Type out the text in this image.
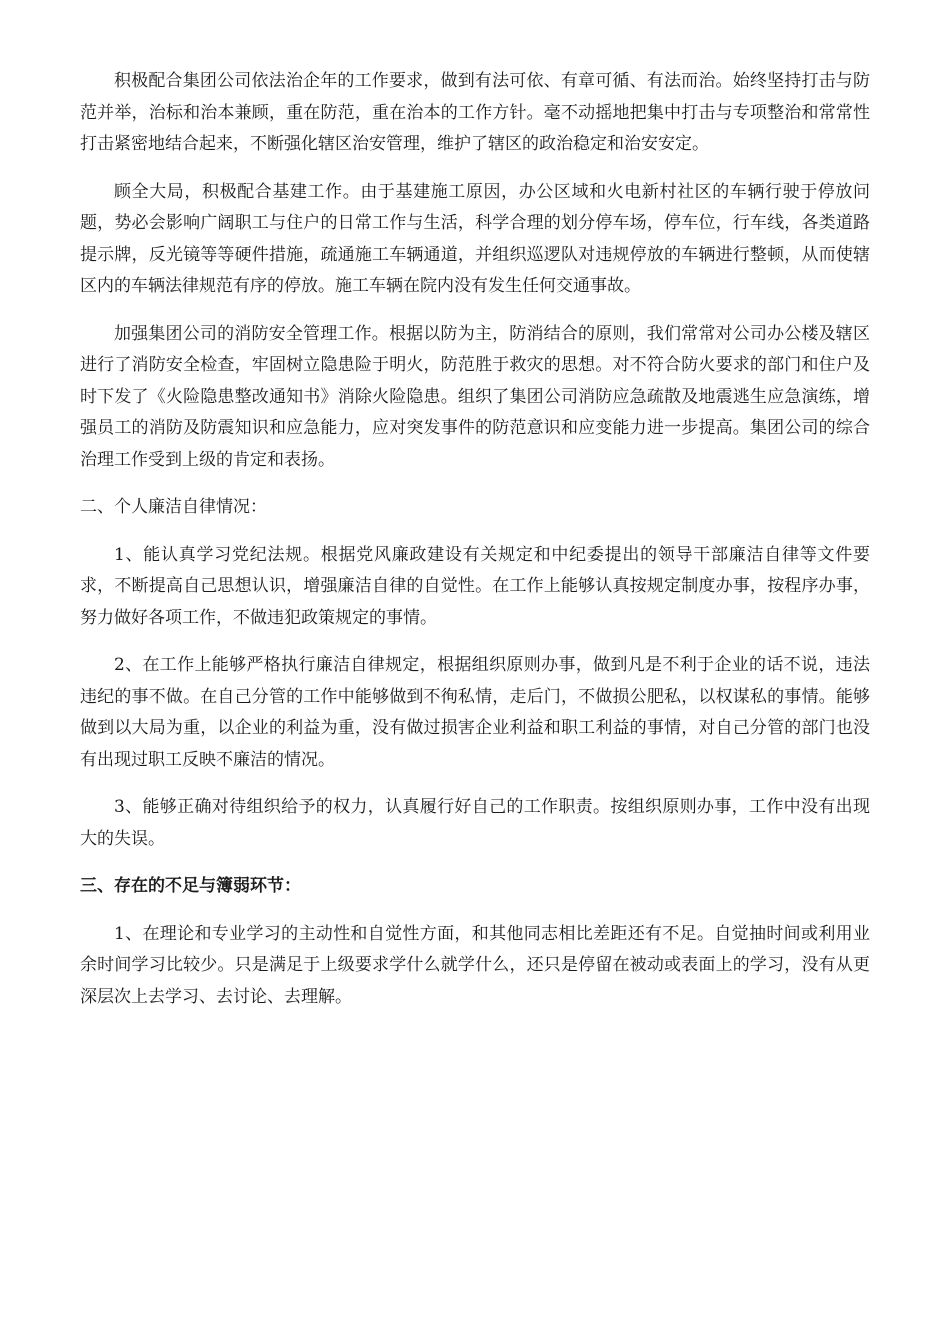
积极配合集团公司依法治企年的工作要求，做到有法可依、有章可循、有法而治。始终坚持打击与防范并举，治标和治本兼顾，重在防范，重在治本的工作方针。毫不动摇地把集中打击与专项整治和常常性打击紧密地结合起来，不断强化辖区治安管理，维护了辖区的政治稳定和治安安定。

顾全大局，积极配合基建工作。由于基建施工原因，办公区域和火电新村社区的车辆行驶于停放问题，势必会影响广阔职工与住户的日常工作与生活，科学合理的划分停车场，停车位，行车线，各类道路提示牌，反光镜等等硬件措施，疏通施工车辆通道，并组织巡逻队对违规停放的车辆进行整顿，从而使辖区内的车辆法律规范有序的停放。施工车辆在院内没有发生任何交通事故。

加强集团公司的消防安全管理工作。根据以防为主，防消结合的原则，我们常常对公司办公楼及辖区进行了消防安全检查，牢固树立隐患险于明火，防范胜于救灾的思想。对不符合防火要求的部门和住户及时下发了《火险隐患整改通知书》消除火险隐患。组织了集团公司消防应急疏散及地震逃生应急演练，增强员工的消防及防震知识和应急能力，应对突发事件的防范意识和应变能力进一步提高。集团公司的综合治理工作受到上级的肯定和表扬。

二、个人廉洁自律情况：

1、能认真学习党纪法规。根据党风廉政建设有关规定和中纪委提出的领导干部廉洁自律等文件要求，不断提高自己思想认识，增强廉洁自律的自觉性。在工作上能够认真按规定制度办事，按程序办事，努力做好各项工作，不做违犯政策规定的事情。

2、在工作上能够严格执行廉洁自律规定，根据组织原则办事，做到凡是不利于企业的话不说，违法违纪的事不做。在自己分管的工作中能够做到不徇私情，走后门，不做损公肥私，以权谋私的事情。能够做到以大局为重，以企业的利益为重，没有做过损害企业利益和职工利益的事情，对自己分管的部门也没有出现过职工反映不廉洁的情况。

3、能够正确对待组织给予的权力，认真履行好自己的工作职责。按组织原则办事，工作中没有出现大的失误。

三、存在的不足与簿弱环节：

1、在理论和专业学习的主动性和自觉性方面，和其他同志相比差距还有不足。自觉抽时间或利用业余时间学习比较少。只是满足于上级要求学什么就学什么，还只是停留在被动或表面上的学习，没有从更深层次上去学习、去讨论、去理解。
